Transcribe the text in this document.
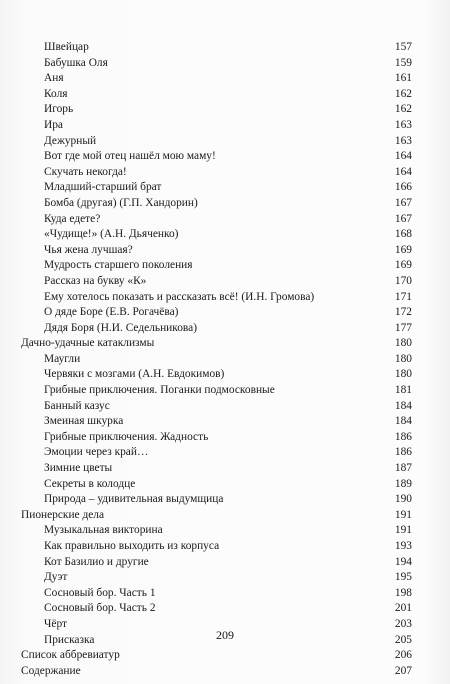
Швейцар	157
Бабушка Оля	159
Аня	161
Коля	162
Игорь	162
Ира	163
Дежурный	163
Вот где мой отец нашёл мою маму!	164
Скучать некогда!	164
Младший-старший брат	166
Бомба (другая) (Г.П. Хандорин)	167
Куда едете?	167
«Чудище!» (А.Н. Дьяченко)	168
Чья жена лучшая?	169
Мудрость старшего поколения	169
Рассказ на букву «К»	170
Ему хотелось показать и рассказать всё! (И.Н. Громова)	171
О дяде Боре (Е.В. Рогачёва)	172
Дядя Боря (Н.И. Седельникова)	177
Дачно-удачные катаклизмы	180
Маугли	180
Червяки с мозгами (А.Н. Евдокимов)	180
Грибные приключения. Поганки подмосковные	181
Банный казус	184
Змеиная шкурка	184
Грибные приключения. Жадность	186
Эмоции через край…	186
Зимние цветы	187
Секреты в колодце	189
Природа – удивительная выдумщица	190
Пионерские дела	191
Музыкальная викторина	191
Как правильно выходить из корпуса	193
Кот Базилио и другие	194
Дуэт	195
Сосновый бор. Часть 1	198
Сосновый бор. Часть 2	201
Чёрт	203
Присказка	205
Список аббревиатур	206
Содержание	207
209
